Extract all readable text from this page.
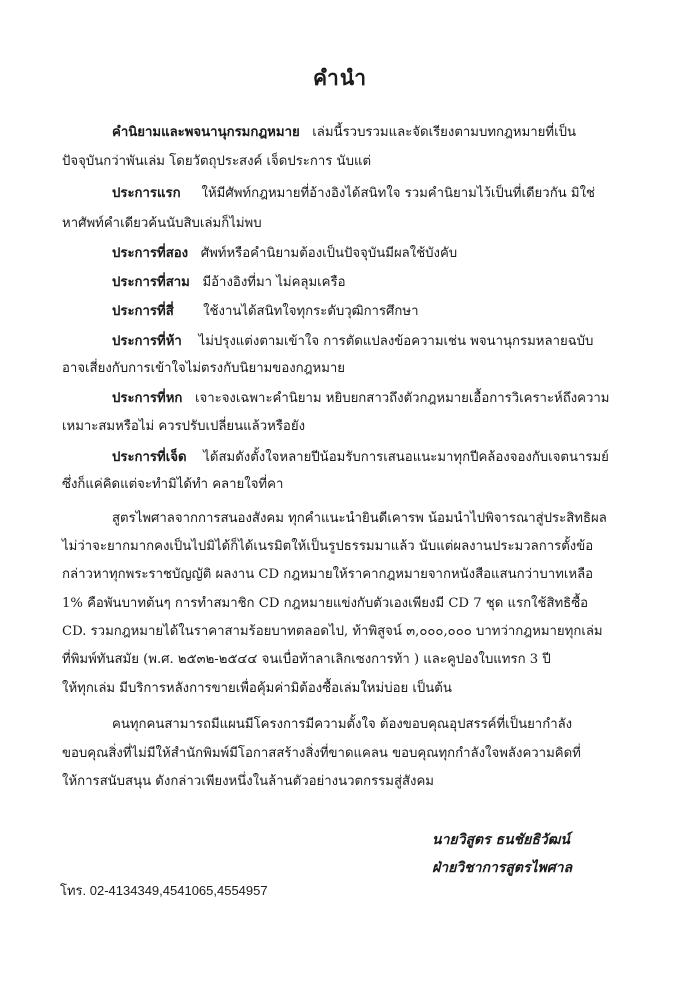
คำนำ
คำนิยามและพจนานุกรมกฎหมาย เล่มนี้รวบรวมและจัดเรียงตามบทกฎหมายที่เป็น
ปัจจุบันกว่าพันเล่ม โดยวัตถุประสงค์ เจ็ดประการ นับแต่
ประการแรก ให้มีศัพท์กฎหมายที่อ้างอิงได้สนิทใจ รวมคำนิยามไว้เป็นที่เดียวกัน มิใช่
หาศัพท์คำเดียวค้นนับสิบเล่มก็ไม่พบ
ประการที่สอง ศัพท์หรือคำนิยามต้องเป็นปัจจุบันมีผลใช้บังคับ
ประการที่สาม มีอ้างอิงที่มา ไม่คลุมเครือ
ประการที่สี่ ใช้งานได้สนิทใจทุกระดับวุฒิการศึกษา
ประการที่ห้า ไม่ปรุงแต่งตามเข้าใจ การตัดแปลงข้อความเช่น พจนานุกรมหลายฉบับ
อาจเสี่ยงกับการเข้าใจไม่ตรงกับนิยามของกฎหมาย
ประการที่หก เจาะจงเฉพาะคำนิยาม หยิบยกสาวถึงตัวกฎหมายเอื้อการวิเคราะห์ถึงความ
เหมาะสมหรือไม่ ควรปรับเปลี่ยนแล้วหรือยัง
ประการที่เจ็ด ได้สมดังตั้งใจหลายปีน้อมรับการเสนอแนะมาทุกปีคล้องจองกับเจตนารมย์
ซึ่งก็แค่คิดแต่จะทำมิได้ทำ คลายใจที่คา
สูตรไพศาลจากการสนองสังคม ทุกคำแนะนำยินดีเคารพ น้อมนำไปพิจารณาสู่ประสิทธิผล
ไม่ว่าจะยากมากคงเป็นไปมิได้ก็ได้เนรมิตให้เป็นรูปธรรมมาแล้ว นับแต่ผลงานประมวลการตั้งข้อ
กล่าวหาทุกพระราชบัญญัติ ผลงาน CD กฎหมายให้ราคากฎหมายจากหนังสือแสนกว่าบาทเหลือ
1% คือพันบาทต้นๆ การทำสมาชิก CD กฎหมายแข่งกับตัวเองเพียงมี CD 7 ชุด แรกใช้สิทธิซื้อ
CD. รวมกฎหมายได้ในราคาสามร้อยบาทตลอดไป, ท้าพิสูจน์ ๓,๐๐๐,๐๐๐ บาทว่ากฎหมายทุกเล่ม
ที่พิมพ์ทันสมัย (พ.ศ. ๒๕๓๒-๒๕๔๔ จนเบื่อท้าลาเลิกเซงการท้า ) และคูปองใบแทรก 3 ปี
ให้ทุกเล่ม มีบริการหลังการขายเพื่อคุ้มค่ามิต้องซื้อเล่มใหม่บ่อย เป็นต้น
คนทุกคนสามารถมีแผนมีโครงการมีความตั้งใจ ต้องขอบคุณอุปสรรค์ที่เป็นยากำลัง
ขอบคุณสิ่งที่ไม่มีให้สำนักพิมพ์มีโอกาสสร้างสิ่งที่ขาดแคลน ขอบคุณทุกกำลังใจพลังความคิดที่
ให้การสนับสนุน ดังกล่าวเพียงหนึ่งในล้านตัวอย่างนวตกรรมสู่สังคม
นายวิสูตร ธนชัยธิวัฒน์
ฝ่ายวิชาการสูตรไพศาล
โทร. 02-4134349,4541065,4554957
